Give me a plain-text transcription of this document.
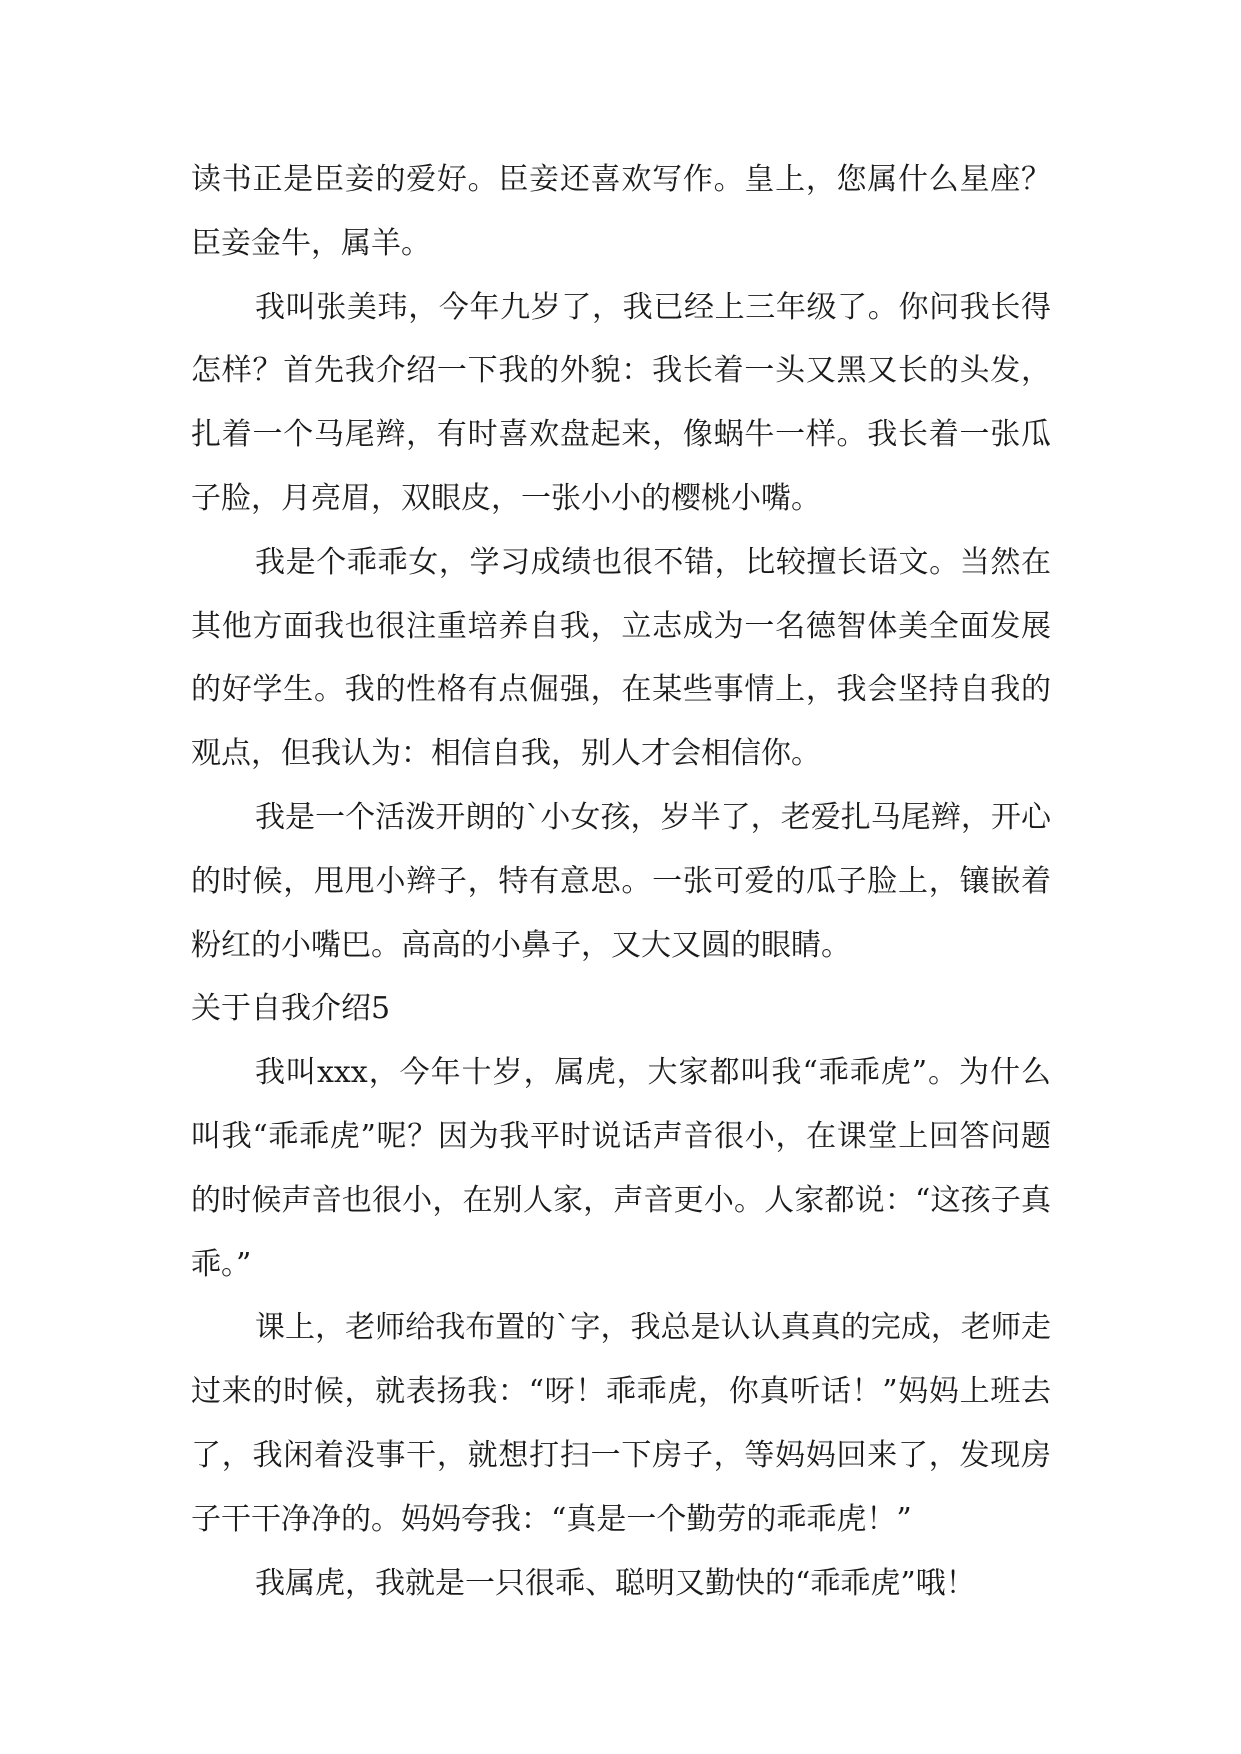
读书正是臣妾的爱好。臣妾还喜欢写作。皇上，您属什么星座？臣妾金牛，属羊。

我叫张美玮，今年九岁了，我已经上三年级了。你问我长得怎样？首先我介绍一下我的外貌：我长着一头又黑又长的头发，扎着一个马尾辫，有时喜欢盘起来，像蜗牛一样。我长着一张瓜子脸，月亮眉，双眼皮，一张小小的樱桃小嘴。

我是个乖乖女，学习成绩也很不错，比较擅长语文。当然在其他方面我也很注重培养自我，立志成为一名德智体美全面发展的好学生。我的性格有点倔强，在某些事情上，我会坚持自我的观点，但我认为：相信自我，别人才会相信你。

我是一个活泼开朗的`小女孩，岁半了，老爱扎马尾辫，开心的时候，甩甩小辫子，特有意思。一张可爱的瓜子脸上，镶嵌着粉红的小嘴巴。高高的小鼻子，又大又圆的眼睛。

关于自我介绍5

我叫xxx，今年十岁，属虎，大家都叫我“乖乖虎”。为什么叫我“乖乖虎”呢？因为我平时说话声音很小，在课堂上回答问题的时候声音也很小，在别人家，声音更小。人家都说：“这孩子真乖。”

课上，老师给我布置的`字，我总是认认真真的完成，老师走过来的时候，就表扬我：“呀！乖乖虎，你真听话！”妈妈上班去了，我闲着没事干，就想打扫一下房子，等妈妈回来了，发现房子干干净净的。妈妈夸我：“真是一个勤劳的乖乖虎！”

我属虎，我就是一只很乖、聪明又勤快的“乖乖虎”哦！
